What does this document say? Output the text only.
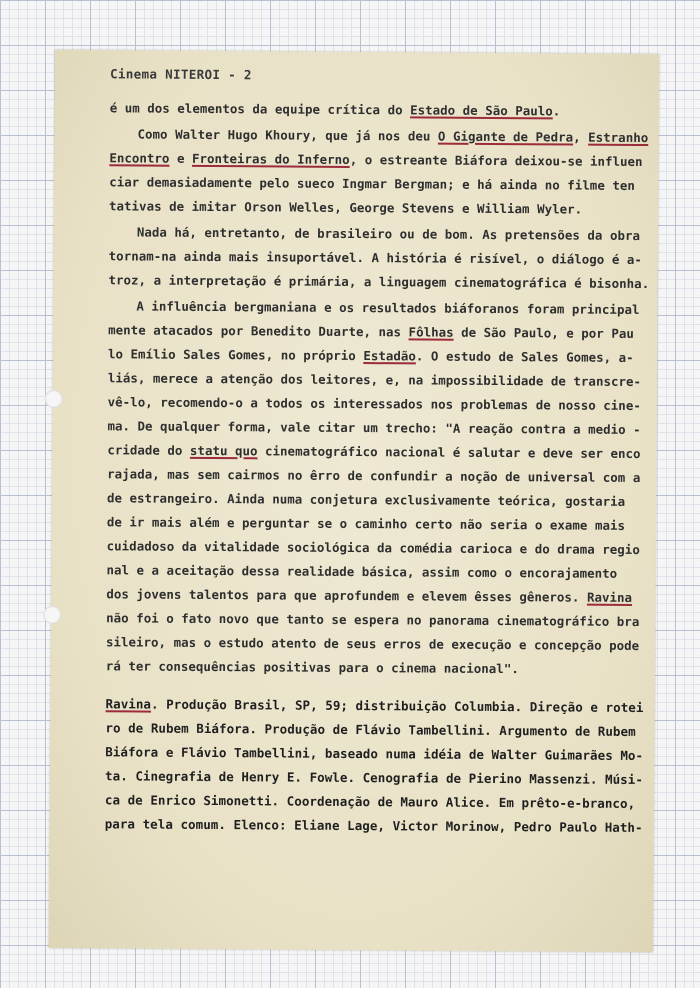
Cinema NITEROI - 2
é um dos elementos da equipe crítica do Estado de São Paulo.
Como Walter Hugo Khoury, que já nos deu O Gigante de Pedra, Estranho
Encontro e Fronteiras do Inferno, o estreante Biáfora deixou-se influen
ciar demasiadamente pelo sueco Ingmar Bergman; e há ainda no filme ten
tativas de imitar Orson Welles, George Stevens e William Wyler.
Nada há, entretanto, de brasileiro ou de bom. As pretensões da obra
tornam-na ainda mais insuportável. A história é risível, o diálogo é a-
troz, a interpretação é primária, a linguagem cinematográfica é bisonha.
A influência bergmaniana e os resultados biáforanos foram principal
mente atacados por Benedito Duarte, nas Fôlhas de São Paulo, e por Pau
lo Emílio Sales Gomes, no próprio Estadão. O estudo de Sales Gomes, a-
liás, merece a atenção dos leitores, e, na impossibilidade de transcre-
vê-lo, recomendo-o a todos os interessados nos problemas de nosso cine-
ma. De qualquer forma, vale citar um trecho: "A reação contra a medio -
cridade do statu quo cinematográfico nacional é salutar e deve ser enco
rajada, mas sem cairmos no êrro de confundir a noção de universal com a
de estrangeiro. Ainda numa conjetura exclusivamente teórica, gostaria
de ir mais além e perguntar se o caminho certo não seria o exame mais
cuidadoso da vitalidade sociológica da comédia carioca e do drama regio
nal e a aceitação dessa realidade básica, assim como o encorajamento
dos jovens talentos para que aprofundem e elevem êsses gêneros. Ravina
não foi o fato novo que tanto se espera no panorama cinematográfico bra
sileiro, mas o estudo atento de seus erros de execução e concepção pode
rá ter consequências positivas para o cinema nacional".
Ravina. Produção Brasil, SP, 59; distribuição Columbia. Direção e rotei
ro de Rubem Biáfora. Produção de Flávio Tambellini. Argumento de Rubem
Biáfora e Flávio Tambellini, baseado numa idéia de Walter Guimarães Mo-
ta. Cinegrafia de Henry E. Fowle. Cenografia de Pierino Massenzi. Músi-
ca de Enrico Simonetti. Coordenação de Mauro Alice. Em prêto-e-branco,
para tela comum. Elenco: Eliane Lage, Victor Morinow, Pedro Paulo Hath-
